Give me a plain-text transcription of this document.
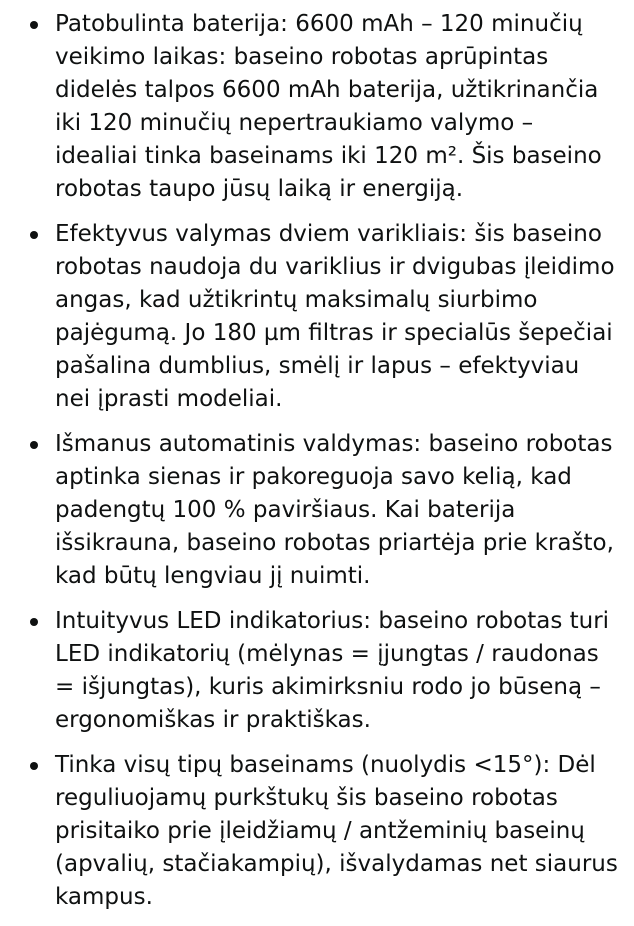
Patobulinta baterija: 6600 mAh – 120 minučių veikimo laikas: baseino robotas aprūpintas didelės talpos 6600 mAh baterija, užtikrinančia iki 120 minučių nepertraukiamo valymo – idealiai tinka baseinams iki 120 m². Šis baseino robotas taupo jūsų laiką ir energiją.
Efektyvus valymas dviem varikliais: šis baseino robotas naudoja du variklius ir dvigubas įleidimo angas, kad užtikrintų maksimalų siurbimo pajėgumą. Jo 180 µm filtras ir specialūs šepečiai pašalina dumblius, smėlį ir lapus – efektyviau nei įprasti modeliai.
Išmanus automatinis valdymas: baseino robotas aptinka sienas ir pakoreguoja savo kelią, kad padengtų 100 % paviršiaus. Kai baterija išsikrauna, baseino robotas priartėja prie krašto, kad būtų lengviau jį nuimti.
Intuityvus LED indikatorius: baseino robotas turi LED indikatorių (mėlynas = įjungtas / raudonas = išjungtas), kuris akimirksniu rodo jo būseną – ergonomiškas ir praktiškas.
Tinka visų tipų baseinams (nuolydis <15°): Dėl reguliuojamų purkštukų šis baseino robotas prisitaiko prie įleidžiamų / antžeminių baseinų (apvalių, stačiakampių), išvalydamas net siaurus kampus.
